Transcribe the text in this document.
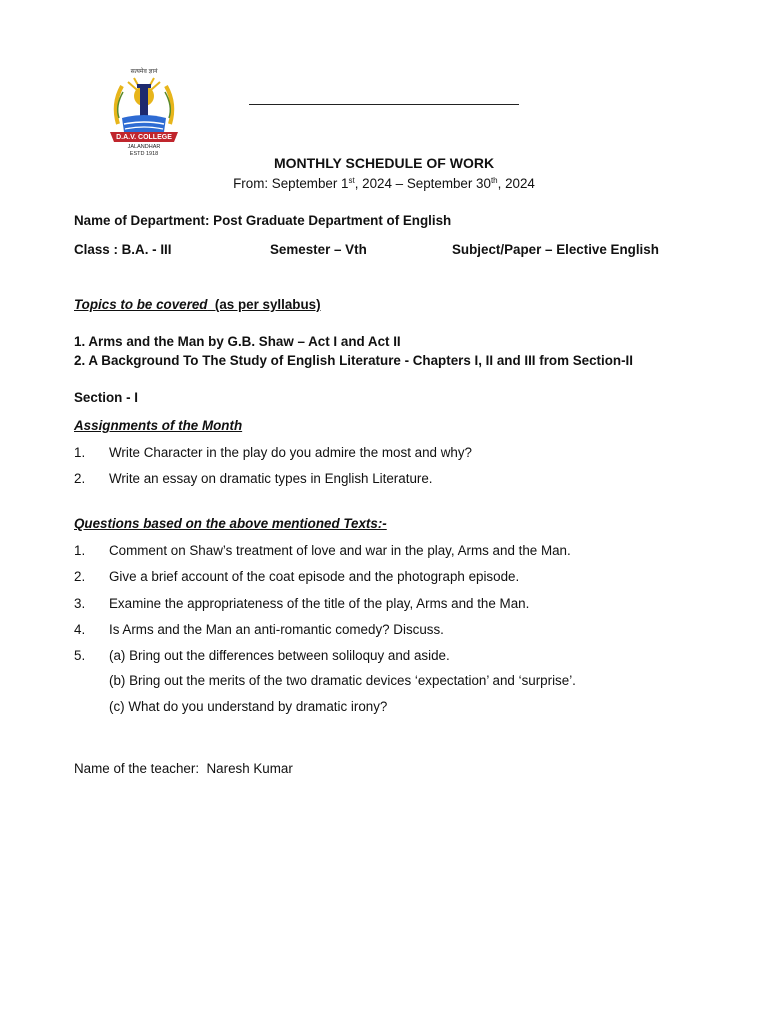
सत्यमेव ज्ञानं
D.A.V. COLLEGE
JALANDHAR
ESTD 1918
MONTHLY SCHEDULE OF WORK
From: September 1st, 2024 – September 30th, 2024
Name of Department: Post Graduate Department of English
Class : B.A. - III	Semester – Vth	Subject/Paper – Elective English
Topics to be covered  (as per syllabus)
1. Arms and the Man by G.B. Shaw – Act I and Act II
2. A Background To The Study of English Literature - Chapters I, II and III from Section-II
Section - I
Assignments of the Month
1. Write Character in the play do you admire the most and why?
2. Write an essay on dramatic types in English Literature.
Questions based on the above mentioned Texts:-
1. Comment on Shaw’s treatment of love and war in the play, Arms and the Man.
2. Give a brief account of the coat episode and the photograph episode.
3. Examine the appropriateness of the title of the play, Arms and the Man.
4. Is Arms and the Man an anti-romantic comedy? Discuss.
5. (a) Bring out the differences between soliloquy and aside.
(b) Bring out the merits of the two dramatic devices ‘expectation’ and ‘surprise’.
(c) What do you understand by dramatic irony?
Name of the teacher:  Naresh Kumar
